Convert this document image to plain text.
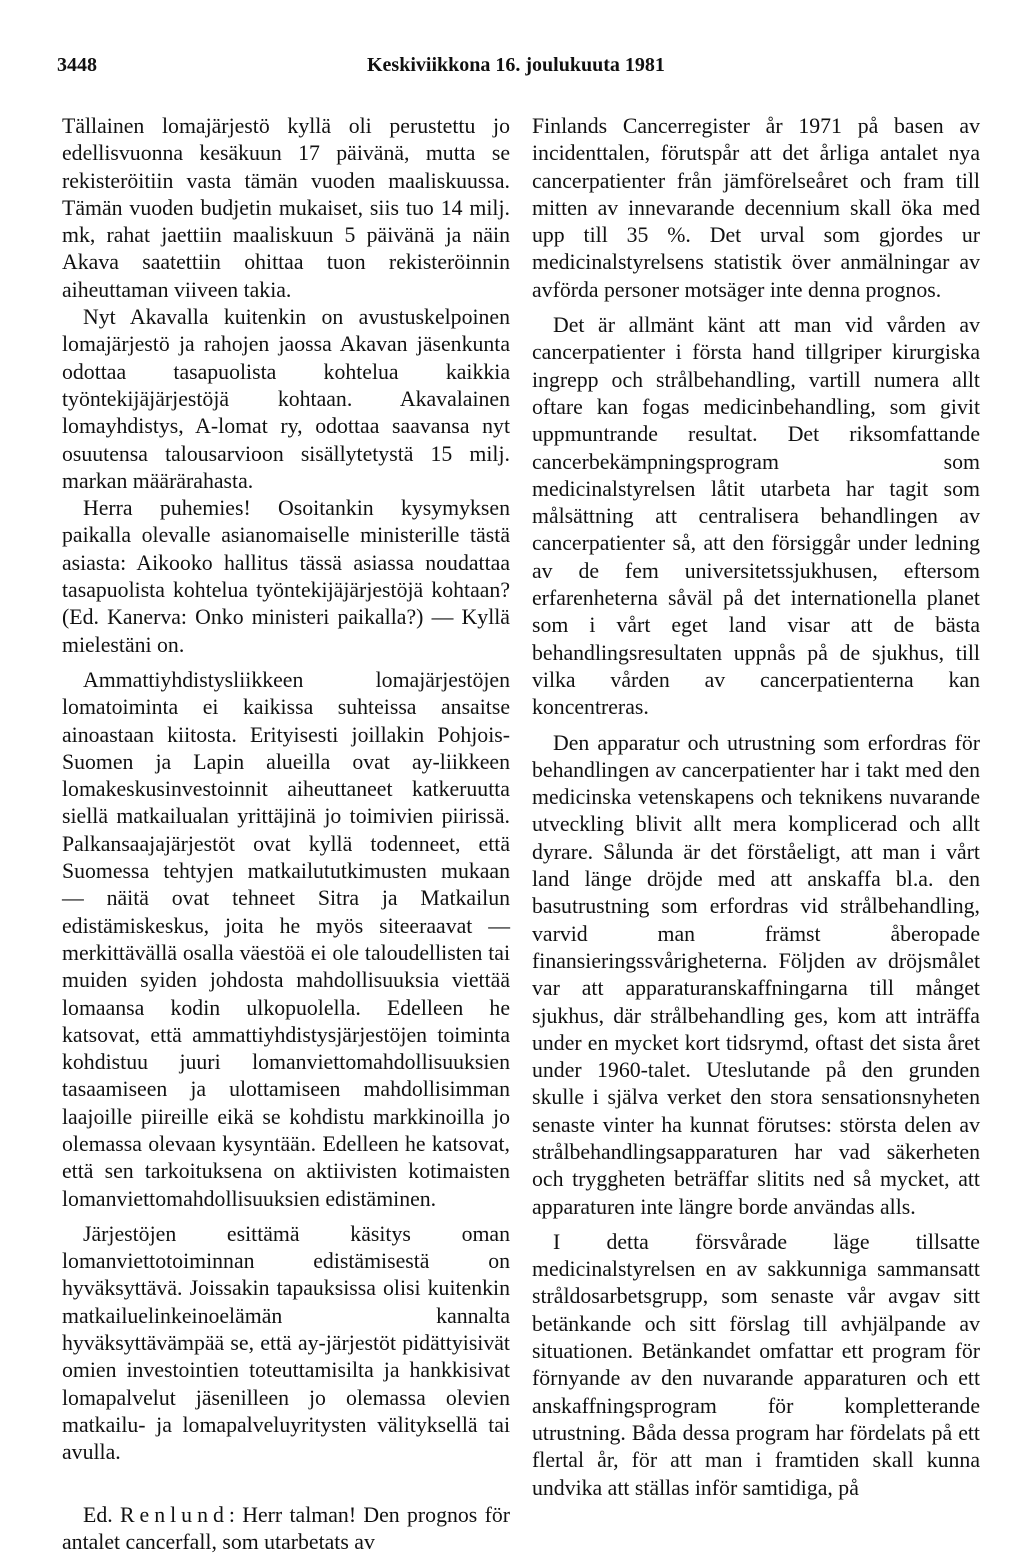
3448	Keskiviikkona 16. joulukuuta 1981

Tällainen lomajärjestö kyllä oli perustettu jo edellisvuonna kesäkuun 17 päivänä, mutta se rekisteröitiin vasta tämän vuoden maaliskuussa. Tämän vuoden budjetin mukaiset, siis tuo 14 milj. mk, rahat jaettiin maaliskuun 5 päivänä ja näin Akava saatettiin ohittaa tuon rekisteröinnin aiheuttaman viiveen takia.

Nyt Akavalla kuitenkin on avustuskelpoinen lomajärjestö ja rahojen jaossa Akavan jäsenkunta odottaa tasapuolista kohtelua kaikkia työntekijäjärjestöjä kohtaan. Akavalainen lomayhdistys, A-lomat ry, odottaa saavansa nyt osuutensa talousarvioon sisällytetystä 15 milj. markan määrärahasta.

Herra puhemies! Osoitankin kysymyksen paikalla olevalle asianomaiselle ministerille tästä asiasta: Aikooko hallitus tässä asiassa noudattaa tasapuolista kohtelua työntekijäjärjestöjä kohtaan? (Ed. Kanerva: Onko ministeri paikalla?) — Kyllä mielestäni on.

Ammattiyhdistysliikkeen lomajärjestöjen lomatoiminta ei kaikissa suhteissa ansaitse ainoastaan kiitosta. Erityisesti joillakin Pohjois-Suomen ja Lapin alueilla ovat ay-liikkeen lomakeskusinvestoinnit aiheuttaneet katkeruutta siellä matkailualan yrittäjinä jo toimivien piirissä. Palkansaajajärjestöt ovat kyllä todenneet, että Suomessa tehtyjen matkailututkimusten mukaan — näitä ovat tehneet Sitra ja Matkailun edistämiskeskus, joita he myös siteeraavat — merkittävällä osalla väestöä ei ole taloudellisten tai muiden syiden johdosta mahdollisuuksia viettää lomaansa kodin ulkopuolella. Edelleen he katsovat, että ammattiyhdistysjärjestöjen toiminta kohdistuu juuri lomanviettomahdollisuuksien tasaamiseen ja ulottamiseen mahdollisimman laajoille piireille eikä se kohdistu markkinoilla jo olemassa olevaan kysyntään. Edelleen he katsovat, että sen tarkoituksena on aktiivisten kotimaisten lomanviettomahdollisuuksien edistäminen.

Järjestöjen esittämä käsitys oman lomanviettotoiminnan edistämisestä on hyväksyttävä. Joissakin tapauksissa olisi kuitenkin matkailuelinkeinoelämän kannalta hyväksyttävämpää se, että ay-järjestöt pidättyisivät omien investointien toteuttamisilta ja hankkisivat lomapalvelut jäsenilleen jo olemassa olevien matkailu- ja lomapalveluyritysten välityksellä tai avulla.

Ed. Renlund: Herr talman! Den prognos för antalet cancerfall, som utarbetats av

Finlands Cancerregister år 1971 på basen av incidenttalen, förutspår att det årliga antalet nya cancerpatienter från jämförelseåret och fram till mitten av innevarande decennium skall öka med upp till 35 %. Det urval som gjordes ur medicinalstyrelsens statistik över anmälningar av avförda personer motsäger inte denna prognos.

Det är allmänt känt att man vid vården av cancerpatienter i första hand tillgriper kirurgiska ingrepp och strålbehandling, vartill numera allt oftare kan fogas medicinbehandling, som givit uppmuntrande resultat. Det riksomfattande cancerbekämpningsprogram som medicinalstyrelsen låtit utarbeta har tagit som målsättning att centralisera behandlingen av cancerpatienter så, att den försiggår under ledning av de fem universitetssjukhusen, eftersom erfarenheterna såväl på det internationella planet som i vårt eget land visar att de bästa behandlingsresultaten uppnås på de sjukhus, till vilka vården av cancerpatienterna kan koncentreras.

Den apparatur och utrustning som erfordras för behandlingen av cancerpatienter har i takt med den medicinska vetenskapens och teknikens nuvarande utveckling blivit allt mera komplicerad och allt dyrare. Sålunda är det förståeligt, att man i vårt land länge dröjde med att anskaffa bl.a. den basutrustning som erfordras vid strålbehandling, varvid man främst åberopade finansieringssvårigheterna. Följden av dröjsmålet var att apparaturanskaffningarna till månget sjukhus, där strålbehandling ges, kom att inträffa under en mycket kort tidsrymd, oftast det sista året under 1960-talet. Uteslutande på den grunden skulle i själva verket den stora sensationsnyheten senaste vinter ha kunnat förutses: största delen av strålbehandlingsapparaturen har vad säkerheten och tryggheten beträffar slitits ned så mycket, att apparaturen inte längre borde användas alls.

I detta försvårade läge tillsatte medicinalstyrelsen en av sakkunniga sammansatt stråldosarbetsgrupp, som senaste vår avgav sitt betänkande och sitt förslag till avhjälpande av situationen. Betänkandet omfattar ett program för förnyande av den nuvarande apparaturen och ett anskaffningsprogram för kompletterande utrustning. Båda dessa program har fördelats på ett flertal år, för att man i framtiden skall kunna undvika att ställas inför samtidiga, på
